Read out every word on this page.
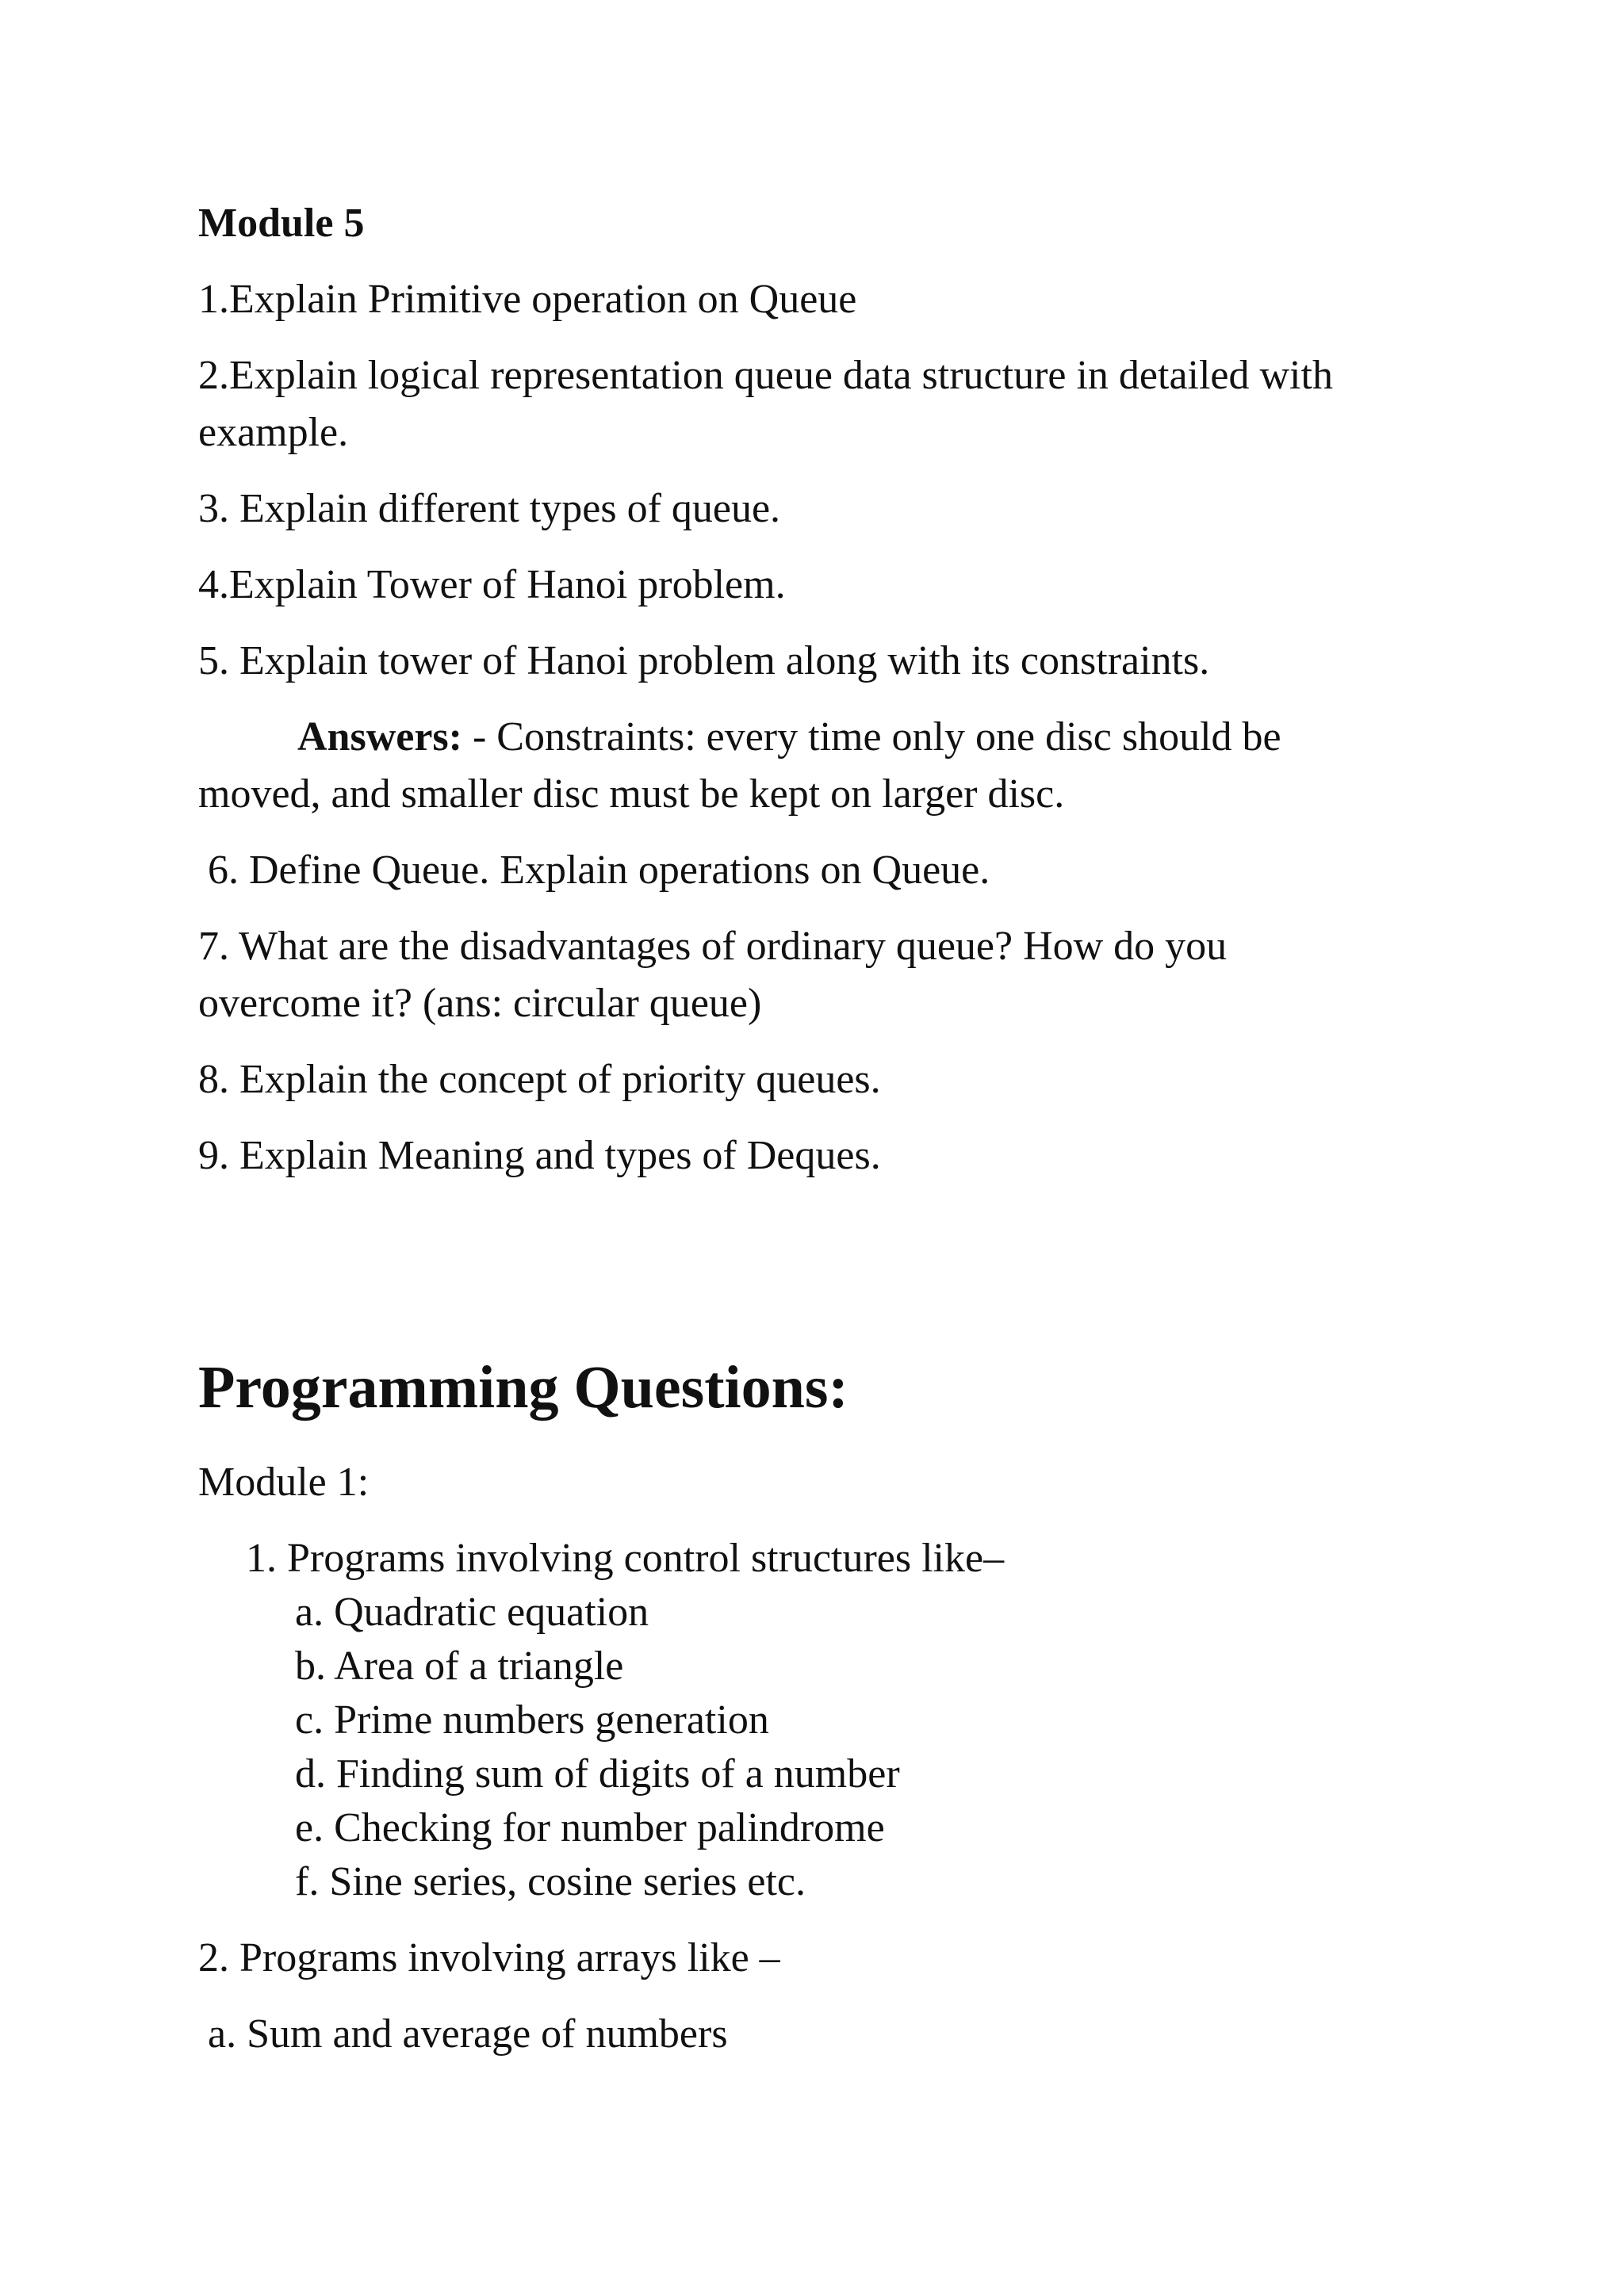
Module 5
1.Explain Primitive operation on Queue
2.Explain logical representation queue data structure in detailed with
example.
3. Explain different types of queue.
4.Explain Tower of Hanoi problem.
5. Explain tower of Hanoi problem along with its constraints.
Answers: - Constraints: every time only one disc should be
moved, and smaller disc must be kept on larger disc.
6. Define Queue. Explain operations on Queue.
7. What are the disadvantages of ordinary queue? How do you
overcome it? (ans: circular queue)
8. Explain the concept of priority queues.
9. Explain Meaning and types of Deques.
Programming Questions:
Module 1:
1. Programs involving control structures like–
a. Quadratic equation
b. Area of a triangle
c. Prime numbers generation
d. Finding sum of digits of a number
e. Checking for number palindrome
f. Sine series, cosine series etc.
2. Programs involving arrays like –
a. Sum and average of numbers
